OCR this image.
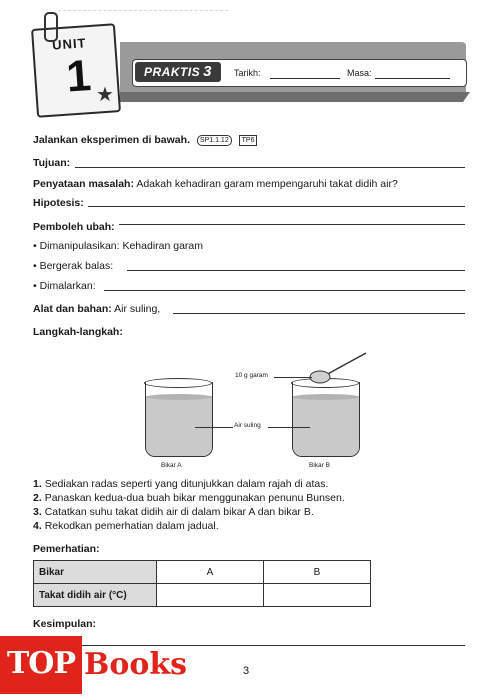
PRAKTIS 3	Tarikh:	Masa:
UNIT
1 ★
Jalankan eksperimen di bawah. SP1.1.12 TP6
Tujuan:
Penyataan masalah: Adakah kehadiran garam mempengaruhi takat didih air?
Hipotesis:
Pemboleh ubah:
• Dimanipulasikan: Kehadiran garam
• Bergerak balas:
• Dimalarkan:
Alat dan bahan: Air suling,
Langkah-langkah:
Bikar A	Bikar B
10 g garam
Air suling
1. Sediakan radas seperti yang ditunjukkan dalam rajah di atas.
2. Panaskan kedua-dua buah bikar menggunakan penunu Bunsen.
3. Catatkan suhu takat didih air di dalam bikar A dan bikar B.
4. Rekodkan pemerhatian dalam jadual.
Pemerhatian:
Bikar	A	B
Takat didih air (°C)		
Kesimpulan:
3
TOP Books
